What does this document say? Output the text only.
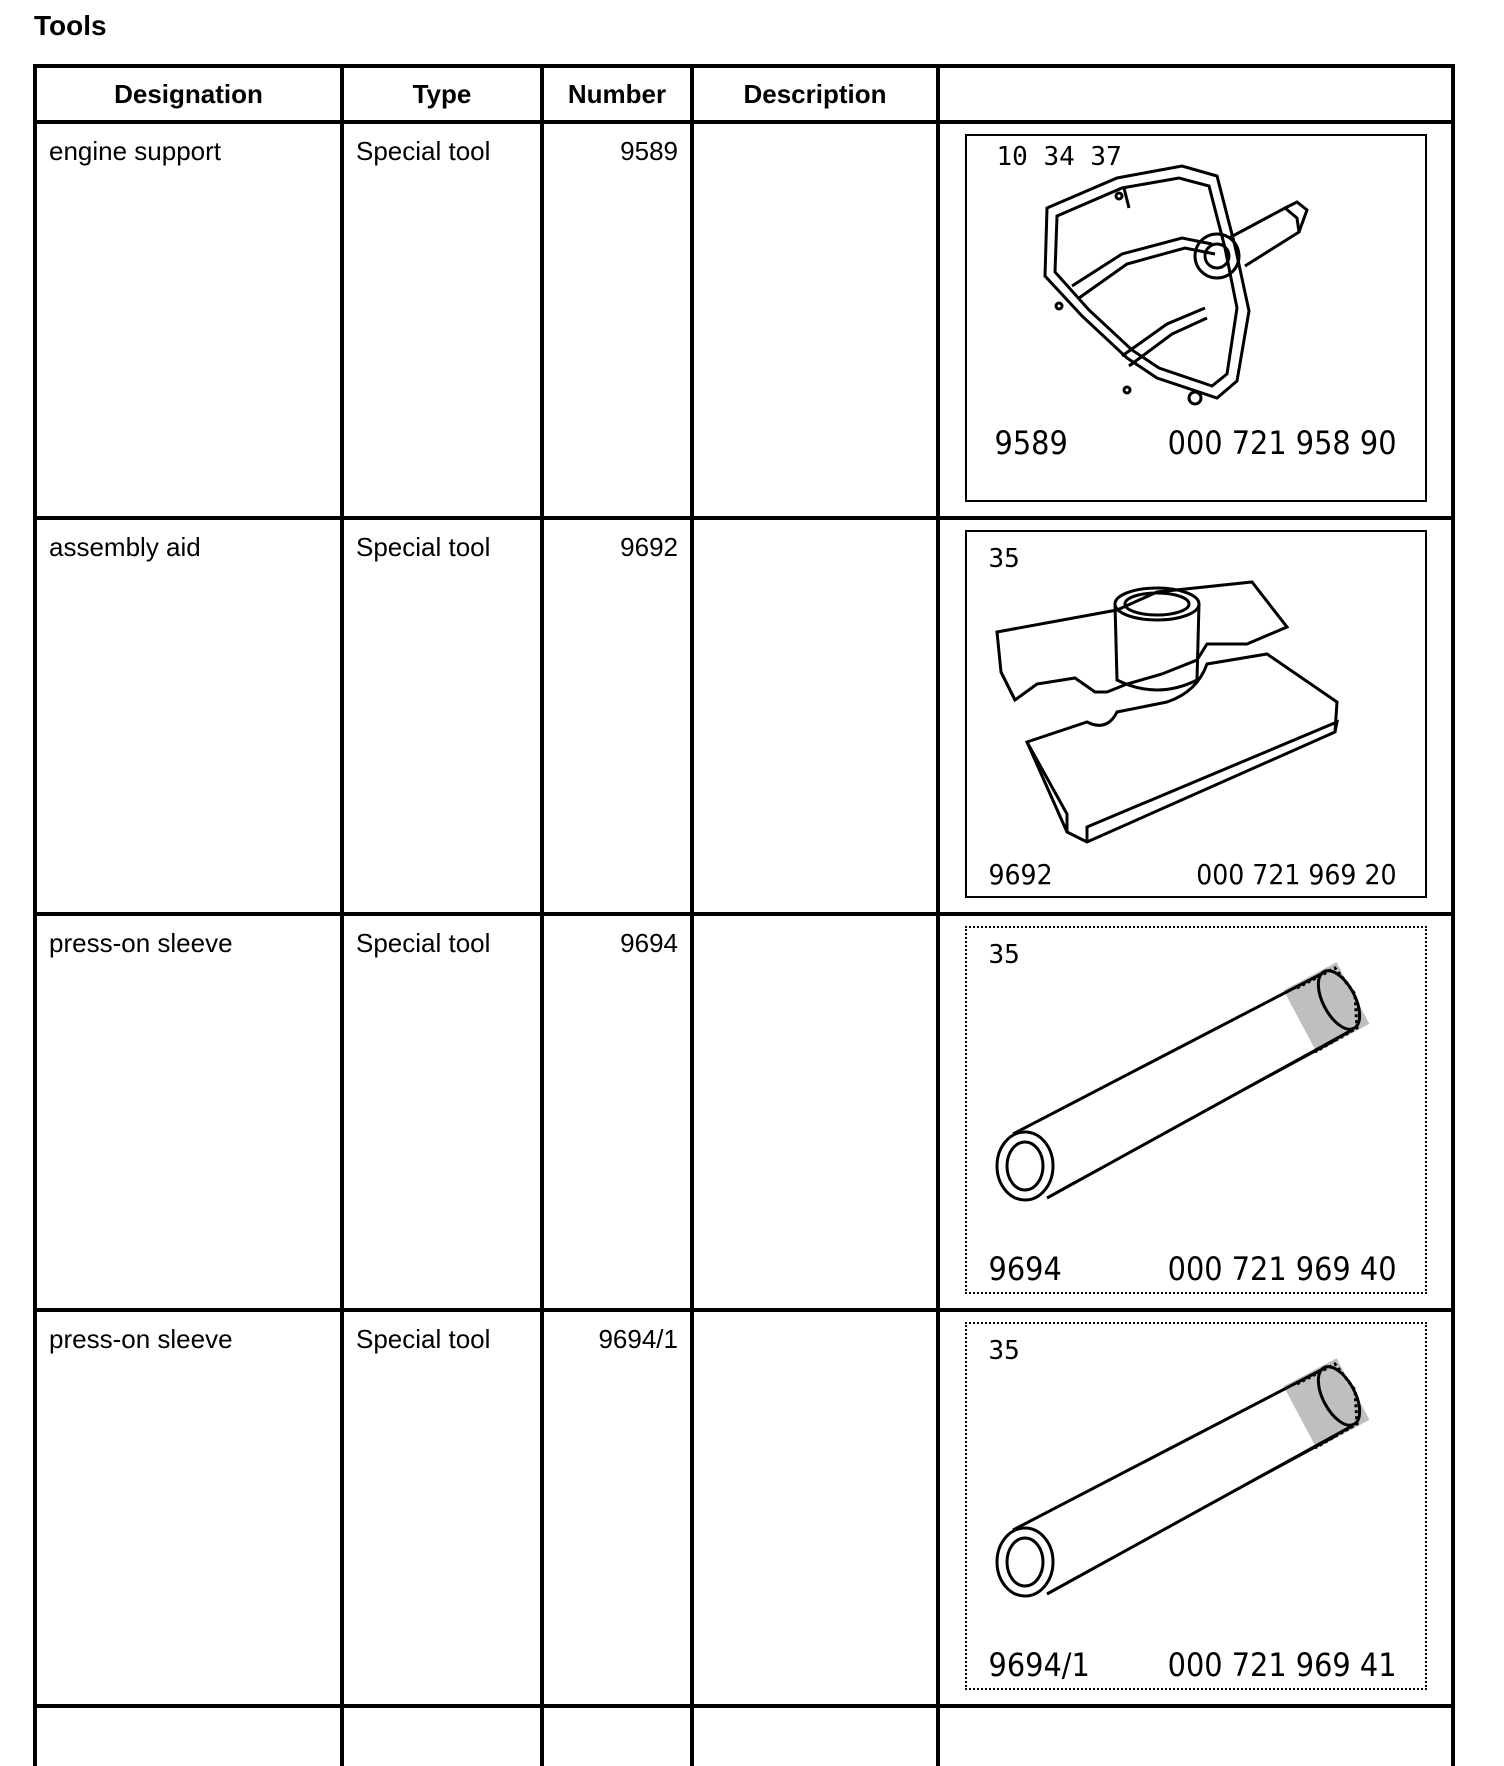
Tools
Designation	Type	Number	Description	

engine support	Special tool	9589		10 34 37
9589 000 721 958 90

assembly aid	Special tool	9692		35
9692 000 721 969 20

press-on sleeve	Special tool	9694		35
9694 000 721 969 40

press-on sleeve	Special tool	9694/1		35
9694/1 000 721 969 41
